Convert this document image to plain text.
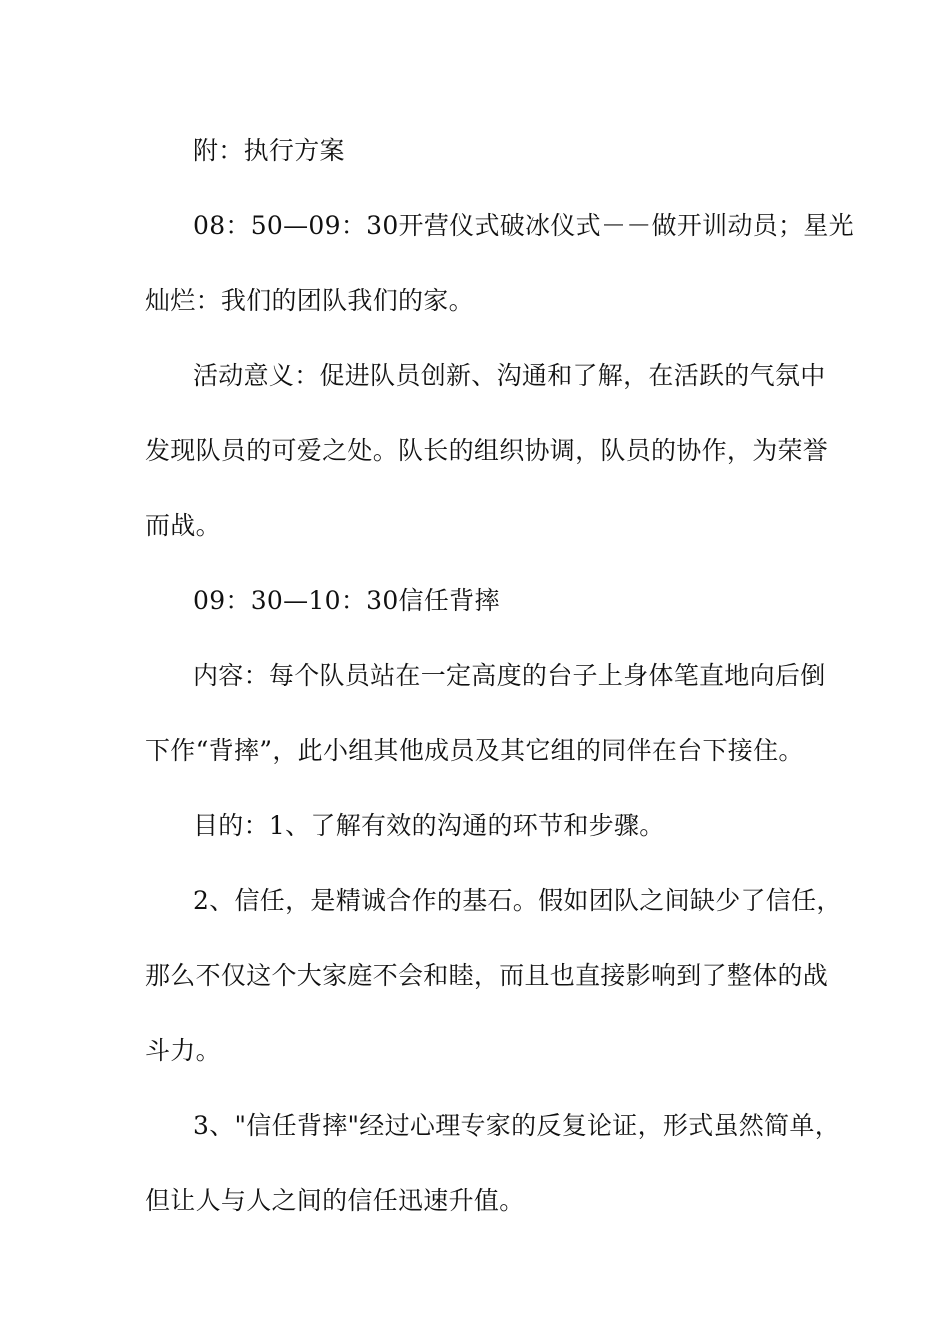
附：执行方案

08：50—09：30开营仪式破冰仪式－－做开训动员；星光

灿烂：我们的团队我们的家。

活动意义：促进队员创新、沟通和了解，在活跃的气氛中

发现队员的可爱之处。队长的组织协调，队员的协作，为荣誉

而战。

09：30—10：30信任背摔

内容：每个队员站在一定高度的台子上身体笔直地向后倒

下作“背摔”，此小组其他成员及其它组的同伴在台下接住。

目的：1、了解有效的沟通的环节和步骤。

2、信任，是精诚合作的基石。假如团队之间缺少了信任，

那么不仅这个大家庭不会和睦，而且也直接影响到了整体的战

斗力。

3、"信任背摔"经过心理专家的反复论证，形式虽然简单，

但让人与人之间的信任迅速升值。
